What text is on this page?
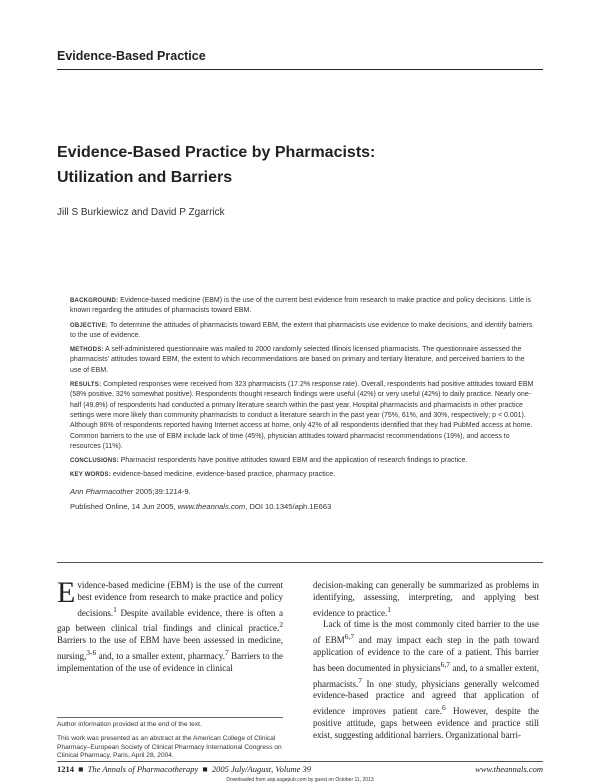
Evidence-Based Practice
Evidence-Based Practice by Pharmacists:
Utilization and Barriers
Jill S Burkiewicz and David P Zgarrick

BACKGROUND: Evidence-based medicine (EBM) is the use of the current best evidence from research to make practice and policy decisions. Little is known regarding the attitudes of pharmacists toward EBM.

OBJECTIVE: To determine the attitudes of pharmacists toward EBM, the extent that pharmacists use evidence to make decisions, and identify barriers to the use of evidence.

METHODS: A self-administered questionnaire was mailed to 2000 randomly selected Illinois licensed pharmacists. The questionnaire assessed the pharmacists' attitudes toward EBM, the extent to which recommendations are based on primary and tertiary literature, and perceived barriers to the use of EBM.

RESULTS: Completed responses were received from 323 pharmacists (17.2% response rate). Overall, respondents had positive attitudes toward EBM (58% positive, 32% somewhat positive). Respondents thought research findings were useful (42%) or very useful (42%) to daily practice. Nearly one-half (49.8%) of respondents had conducted a primary literature search within the past year. Hospital pharmacists and pharmacists in other practice settings were more likely than community pharmacists to conduct a literature search in the past year (75%, 61%, and 30%, respectively; p < 0.001). Although 86% of respondents reported having Internet access at home, only 42% of all respondents identified that they had PubMed access at home. Common barriers to the use of EBM include lack of time (45%), physician attitudes toward pharmacist recommendations (19%), and access to resources (11%).

CONCLUSIONS: Pharmacist respondents have positive attitudes toward EBM and the application of research findings to practice.

KEY WORDS: evidence-based medicine, evidence-based practice, pharmacy practice.

Ann Pharmacother 2005;39:1214-9.

Published Online, 14 Jun 2005, www.theannals.com, DOI 10.1345/aph.1E663

Evidence-based medicine (EBM) is the use of the current best evidence from research to make practice and policy decisions.$^1$ Despite available evidence, there is often a gap between clinical trial findings and clinical practice.$^2$ Barriers to the use of EBM have been assessed in medicine, nursing,$^{3-6}$ and, to a smaller extent, pharmacy.$^7$ Barriers to the implementation of the use of evidence in clinical

Author information provided at the end of the text.
This work was presented as an abstract at the American College of Clinical Pharmacy–European Society of Clinical Pharmacy International Congress on Clinical Pharmacy, Paris, April 28, 2004.

decision-making can generally be summarized as problems in identifying, assessing, interpreting, and applying best evidence to practice.$^1$

Lack of time is the most commonly cited barrier to the use of EBM$^{6,7}$ and may impact each step in the path toward application of evidence to the care of a patient. This barrier has been documented in physicians$^{6,7}$ and, to a smaller extent, pharmacists.$^7$ In one study, physicians generally welcomed evidence-based practice and agreed that application of evidence improves patient care.$^6$ However, despite the positive attitude, gaps between evidence and practice still exist, suggesting additional barriers. Organizational barri-

1214 ■ The Annals of Pharmacotherapy ■ 2005 July/August, Volume 39	www.theannals.com
Downloaded from aop.sagepub.com by guest on October 11, 2013
